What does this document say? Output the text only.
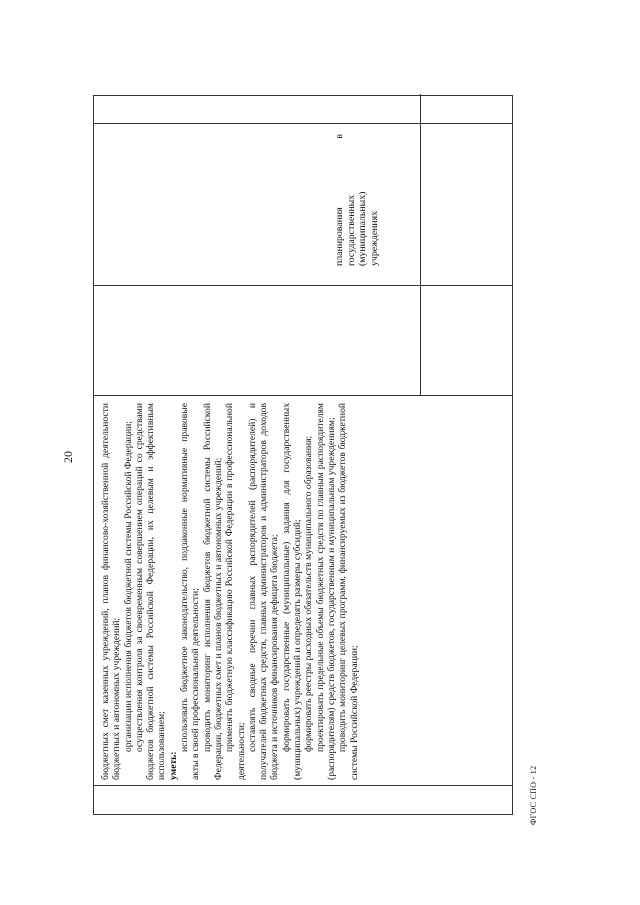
бюджетных смет казенных учреждений, планов финансово-хозяйственной деятельности бюджетных и автономных учреждений; организации исполнения бюджетов бюджетной системы Российской Федерации; осуществления контроля за своевременным совершением операций со средствами бюджетов бюджетной системы Российской Федерации, их целевым и эффективным использованием; уметь:

использовать бюджетное законодательство, подзаконные нормативные правовые акты в своей профессиональной деятельности; проводить мониторинг исполнения бюджетов бюджетной системы Российской Федерации, бюджетных смет и планов бюджетных и автономных учреждений; применять бюджетную классификацию Российской Федерации в профессиональной деятельности; составлять сводные перечни главных распорядителей (распорядителей) и получателей бюджетных средств, главных администраторов и администраторов доходов бюджета и источников финансирования дефицита бюджета; формировать государственные (муниципальные) задания для государственных (муниципальных) учреждений и определять размеры субсидий; формировать реестры расходных обязательств муниципального образования; проектировать предельные объемы бюджетных средств по главным распорядителям (распорядителям) средств бюджетов, государственным и муниципальным учреждениям; проводить мониторинг целевых программ, финансируемых из бюджетов бюджетной системы Российской Федерации;

планирования
в
государственных (муниципальных) учреждениях
20
ФГОС СПО - 12
